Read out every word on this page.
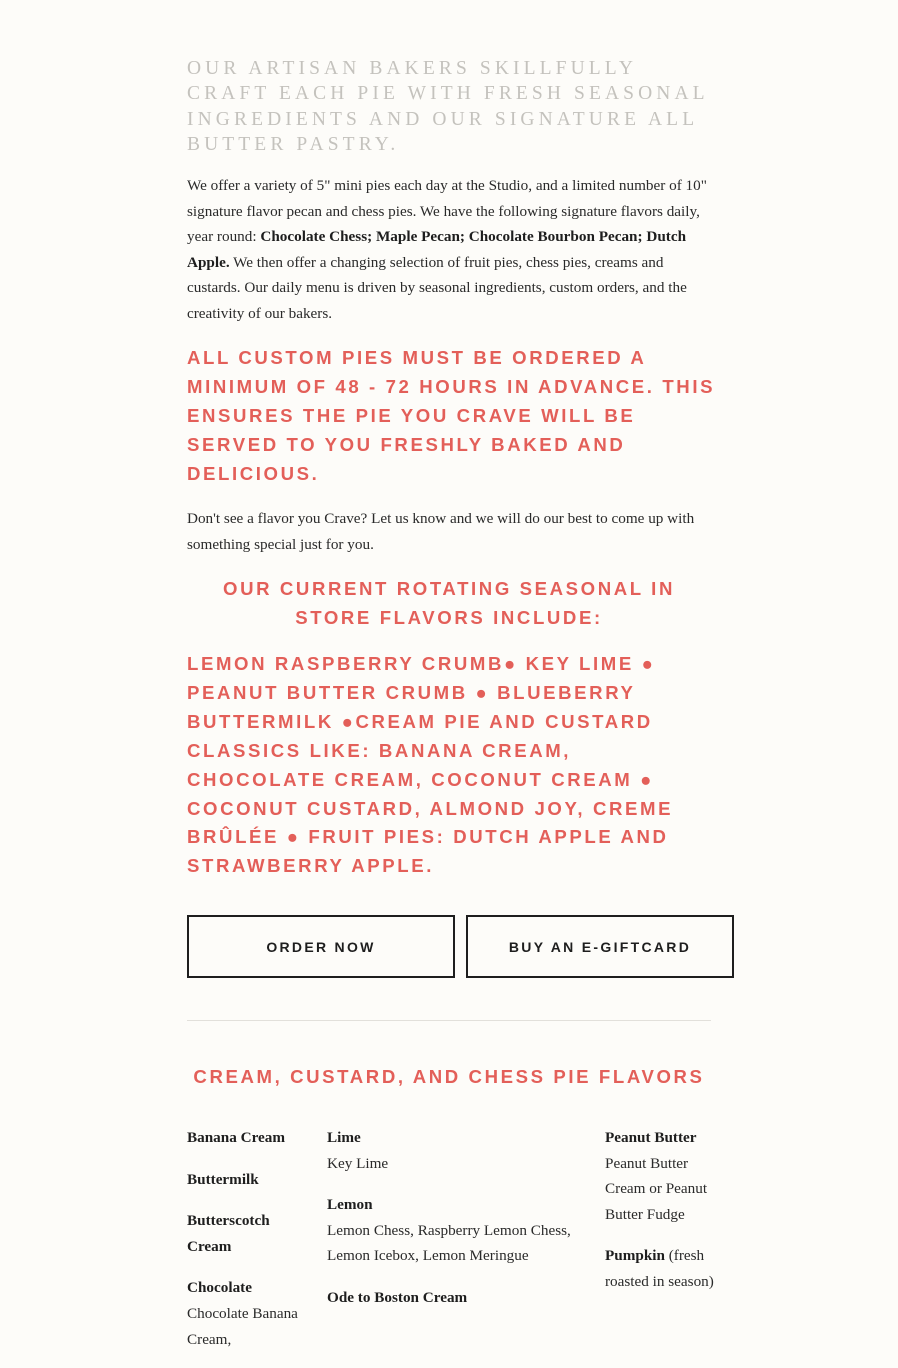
OUR ARTISAN BAKERS SKILLFULLY CRAFT EACH PIE WITH FRESH SEASONAL INGREDIENTS AND OUR SIGNATURE ALL BUTTER PASTRY.

We offer a variety of 5" mini pies each day at the Studio, and a limited number of 10" signature flavor pecan and chess pies. We have the following signature flavors daily, year round: Chocolate Chess; Maple Pecan; Chocolate Bourbon Pecan; Dutch Apple. We then offer a changing selection of fruit pies, chess pies, creams and custards. Our daily menu is driven by seasonal ingredients, custom orders, and the creativity of our bakers.

ALL CUSTOM PIES MUST BE ORDERED A MINIMUM OF 48 - 72 HOURS IN ADVANCE. THIS ENSURES THE PIE YOU CRAVE WILL BE SERVED TO YOU FRESHLY BAKED AND DELICIOUS.

Don't see a flavor you Crave? Let us know and we will do our best to come up with something special just for you.

OUR CURRENT ROTATING SEASONAL IN STORE FLAVORS INCLUDE:
LEMON RASPBERRY CRUMB● KEY LIME ● PEANUT BUTTER CRUMB ● BLUEBERRY BUTTERMILK ●CREAM PIE AND CUSTARD CLASSICS LIKE: BANANA CREAM, CHOCOLATE CREAM, COCONUT CREAM ● COCONUT CUSTARD, ALMOND JOY, CREME BRÛLÉE ● FRUIT PIES: DUTCH APPLE AND STRAWBERRY APPLE.
ORDER NOW	BUY AN E-GIFTCARD
CREAM, CUSTARD, AND CHESS PIE FLAVORS
Banana Cream
Buttermilk
Butterscotch Cream
Chocolate
Chocolate Banana Cream,
Lime
Key Lime
Lemon
Lemon Chess, Raspberry Lemon Chess, Lemon Icebox, Lemon Meringue
Ode to Boston Cream
Peanut Butter
Peanut Butter Cream or Peanut Butter Fudge
Pumpkin (fresh roasted in season)
